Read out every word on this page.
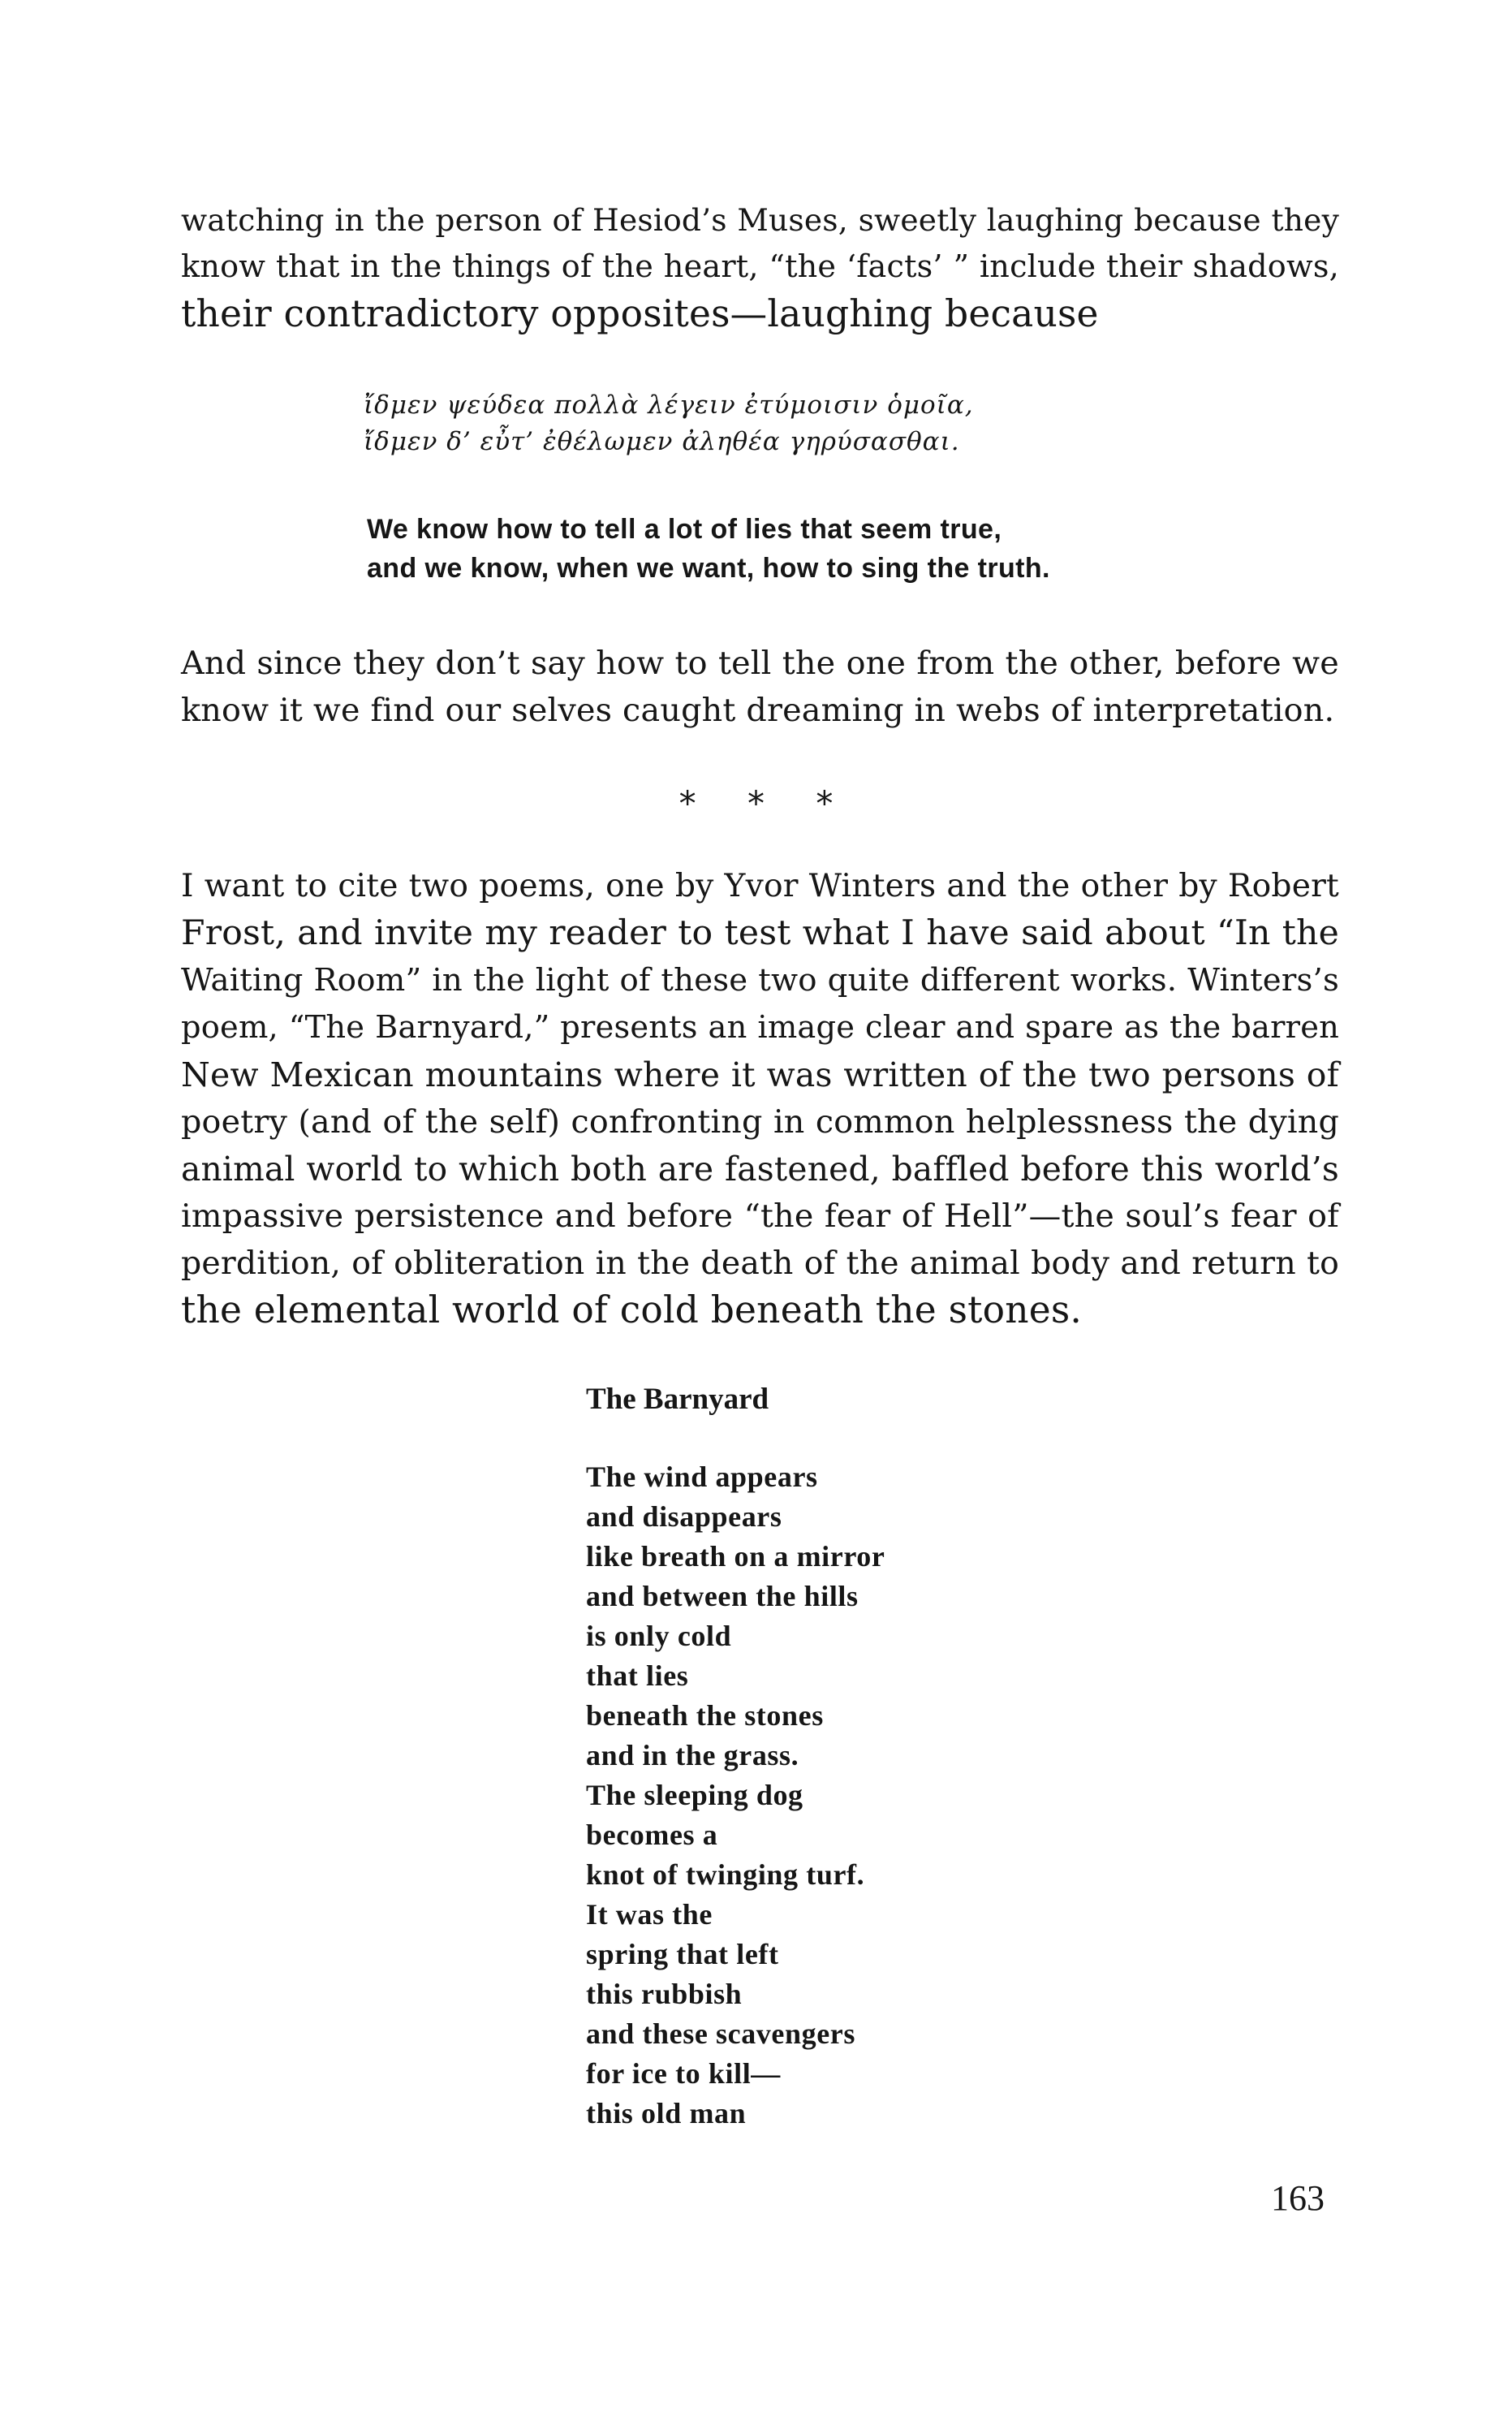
watching in the person of Hesiod’s Muses, sweetly laughing because they
know that in the things of the heart, “the ‘facts’ ” include their shadows,
their contradictory opposites—laughing because
ἴδμεν ψεύδεα πολλὰ λέγειν ἐτύμοισιν ὁμοῖα,
ἴδμεν δ’ εὖτ’ ἐθέλωμεν ἀληθέα γηρύσασθαι.
We know how to tell a lot of lies that seem true,
and we know, when we want, how to sing the truth.
And since they don’t say how to tell the one from the other, before we
know it we find our selves caught dreaming in webs of interpretation.
* * *
I want to cite two poems, one by Yvor Winters and the other by Robert
Frost, and invite my reader to test what I have said about “In the
Waiting Room” in the light of these two quite different works. Winters’s
poem, “The Barnyard,” presents an image clear and spare as the barren
New Mexican mountains where it was written of the two persons of
poetry (and of the self) confronting in common helplessness the dying
animal world to which both are fastened, baffled before this world’s
impassive persistence and before “the fear of Hell”—the soul’s fear of
perdition, of obliteration in the death of the animal body and return to
the elemental world of cold beneath the stones.
The Barnyard
The wind appears
and disappears
like breath on a mirror
and between the hills
is only cold
that lies
beneath the stones
and in the grass.
The sleeping dog
becomes a
knot of twinging turf.
It was the
spring that left
this rubbish
and these scavengers
for ice to kill—
this old man
163
